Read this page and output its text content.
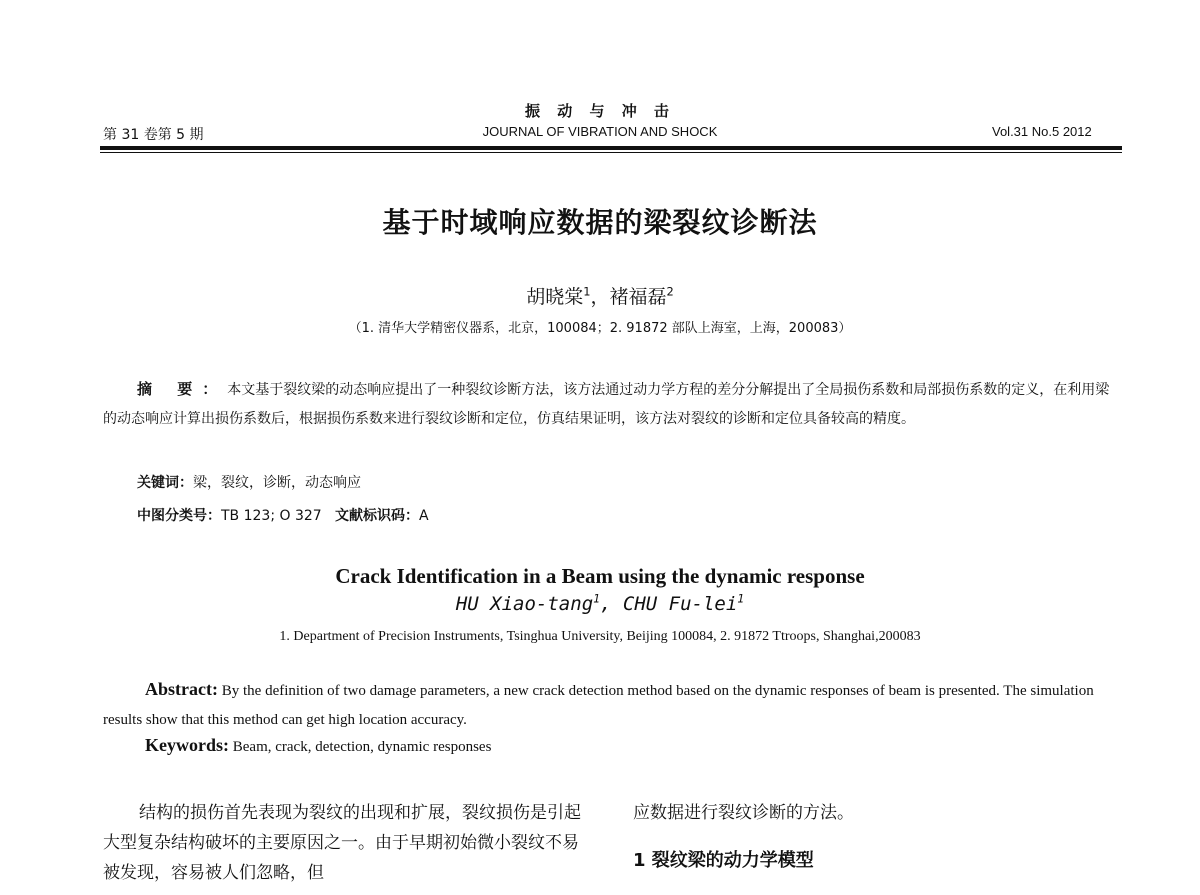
振 动 与 冲 击
第 31 卷第 5 期	JOURNAL OF VIBRATION AND SHOCK	Vol.31 No.5 2012
基于时域响应数据的梁裂纹诊断法
胡晓棠$^1$，褚福磊$^2$
（1. 清华大学精密仪器系，北京，100084；2. 91872 部队上海室，上海，200083）
摘 要：本文基于裂纹梁的动态响应提出了一种裂纹诊断方法，该方法通过动力学方程的差分分解提出了全局损伤系数和局部损伤系数的定义，在利用梁的动态响应计算出损伤系数后，根据损伤系数来进行裂纹诊断和定位，仿真结果证明，该方法对裂纹的诊断和定位具备较高的精度。
关键词：梁，裂纹，诊断，动态响应
中图分类号：TB 123; O 327 文献标识码：A
Crack Identification in a Beam using the dynamic response
HU Xiao-tang$^1$, CHU Fu-lei$^1$
1. Department of Precision Instruments, Tsinghua University, Beijing 100084, 2. 91872 Ttroops, Shanghai,200083
Abstract: By the definition of two damage parameters, a new crack detection method based on the dynamic responses of beam is presented. The simulation results show that this method can get high location accuracy.
Keywords: Beam, crack, detection, dynamic responses
结构的损伤首先表现为裂纹的出现和扩展，裂纹损伤是引起大型复杂结构破坏的主要原因之一。由于早期初始微小裂纹不易被发现，容易被人们忽略，但
应数据进行裂纹诊断的方法。
1 裂纹梁的动力学模型
